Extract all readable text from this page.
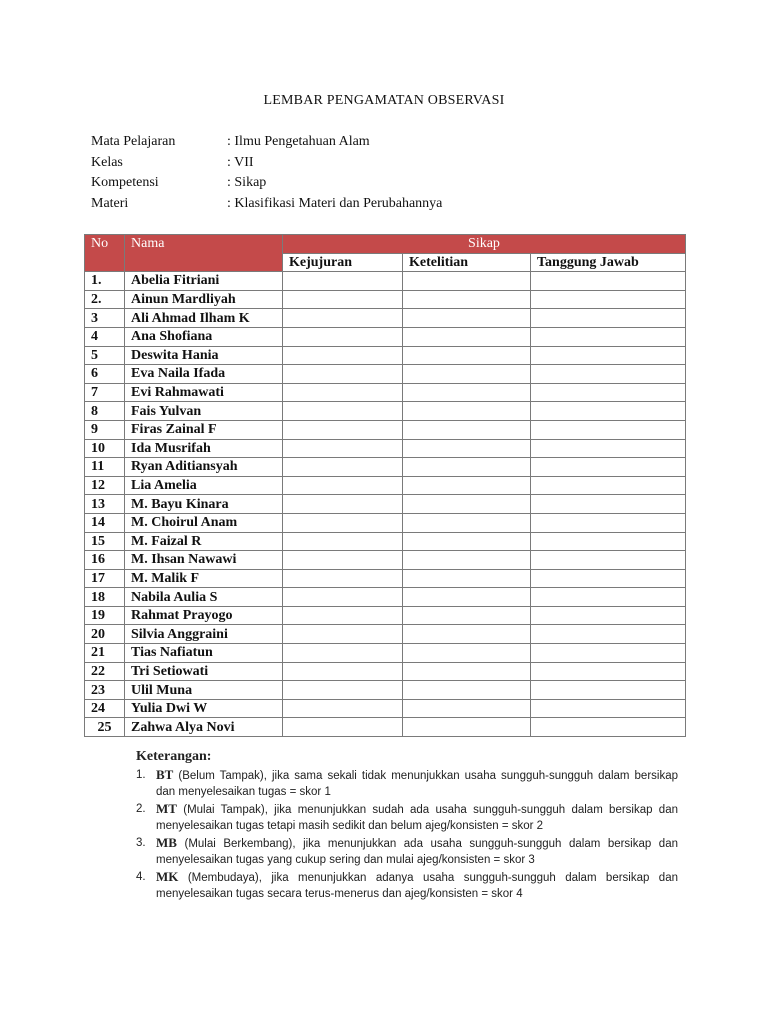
LEMBAR PENGAMATAN OBSERVASI
Mata Pelajaran	: Ilmu Pengetahuan Alam
Kelas	: VII
Kompetensi	: Sikap
Materi	: Klasifikasi Materi dan Perubahannya
No	Nama	Sikap		
		Kejujuran	Ketelitian	Tanggung Jawab
1.	Abelia Fitriani			
2.	Ainun Mardliyah			
3	Ali Ahmad Ilham K			
4	Ana Shofiana			
5	Deswita Hania			
6	Eva Naila Ifada			
7	Evi Rahmawati			
8	Fais Yulvan			
9	Firas Zainal F			
10	Ida Musrifah			
11	Ryan Aditiansyah			
12	Lia Amelia			
13	M. Bayu Kinara			
14	M. Choirul Anam			
15	M. Faizal R			
16	M. Ihsan Nawawi			
17	M. Malik F			
18	Nabila Aulia S			
19	Rahmat Prayogo			
20	Silvia Anggraini			
21	Tias Nafiatun			
22	Tri Setiowati			
23	Ulil Muna			
24	Yulia Dwi W			
25	Zahwa Alya Novi			
Keterangan:
1. BT (Belum Tampak), jika sama sekali tidak menunjukkan usaha sungguh-sungguh dalam bersikap dan menyelesaikan tugas = skor 1
2. MT (Mulai Tampak), jika menunjukkan sudah ada usaha sungguh-sungguh dalam bersikap dan menyelesaikan tugas tetapi masih sedikit dan belum ajeg/konsisten = skor 2
3. MB (Mulai Berkembang), jika menunjukkan ada usaha sungguh-sungguh dalam bersikap dan menyelesaikan tugas yang cukup sering dan mulai ajeg/konsisten = skor 3
4. MK (Membudaya), jika menunjukkan adanya usaha sungguh-sungguh dalam bersikap dan menyelesaikan tugas secara terus-menerus dan ajeg/konsisten = skor 4
